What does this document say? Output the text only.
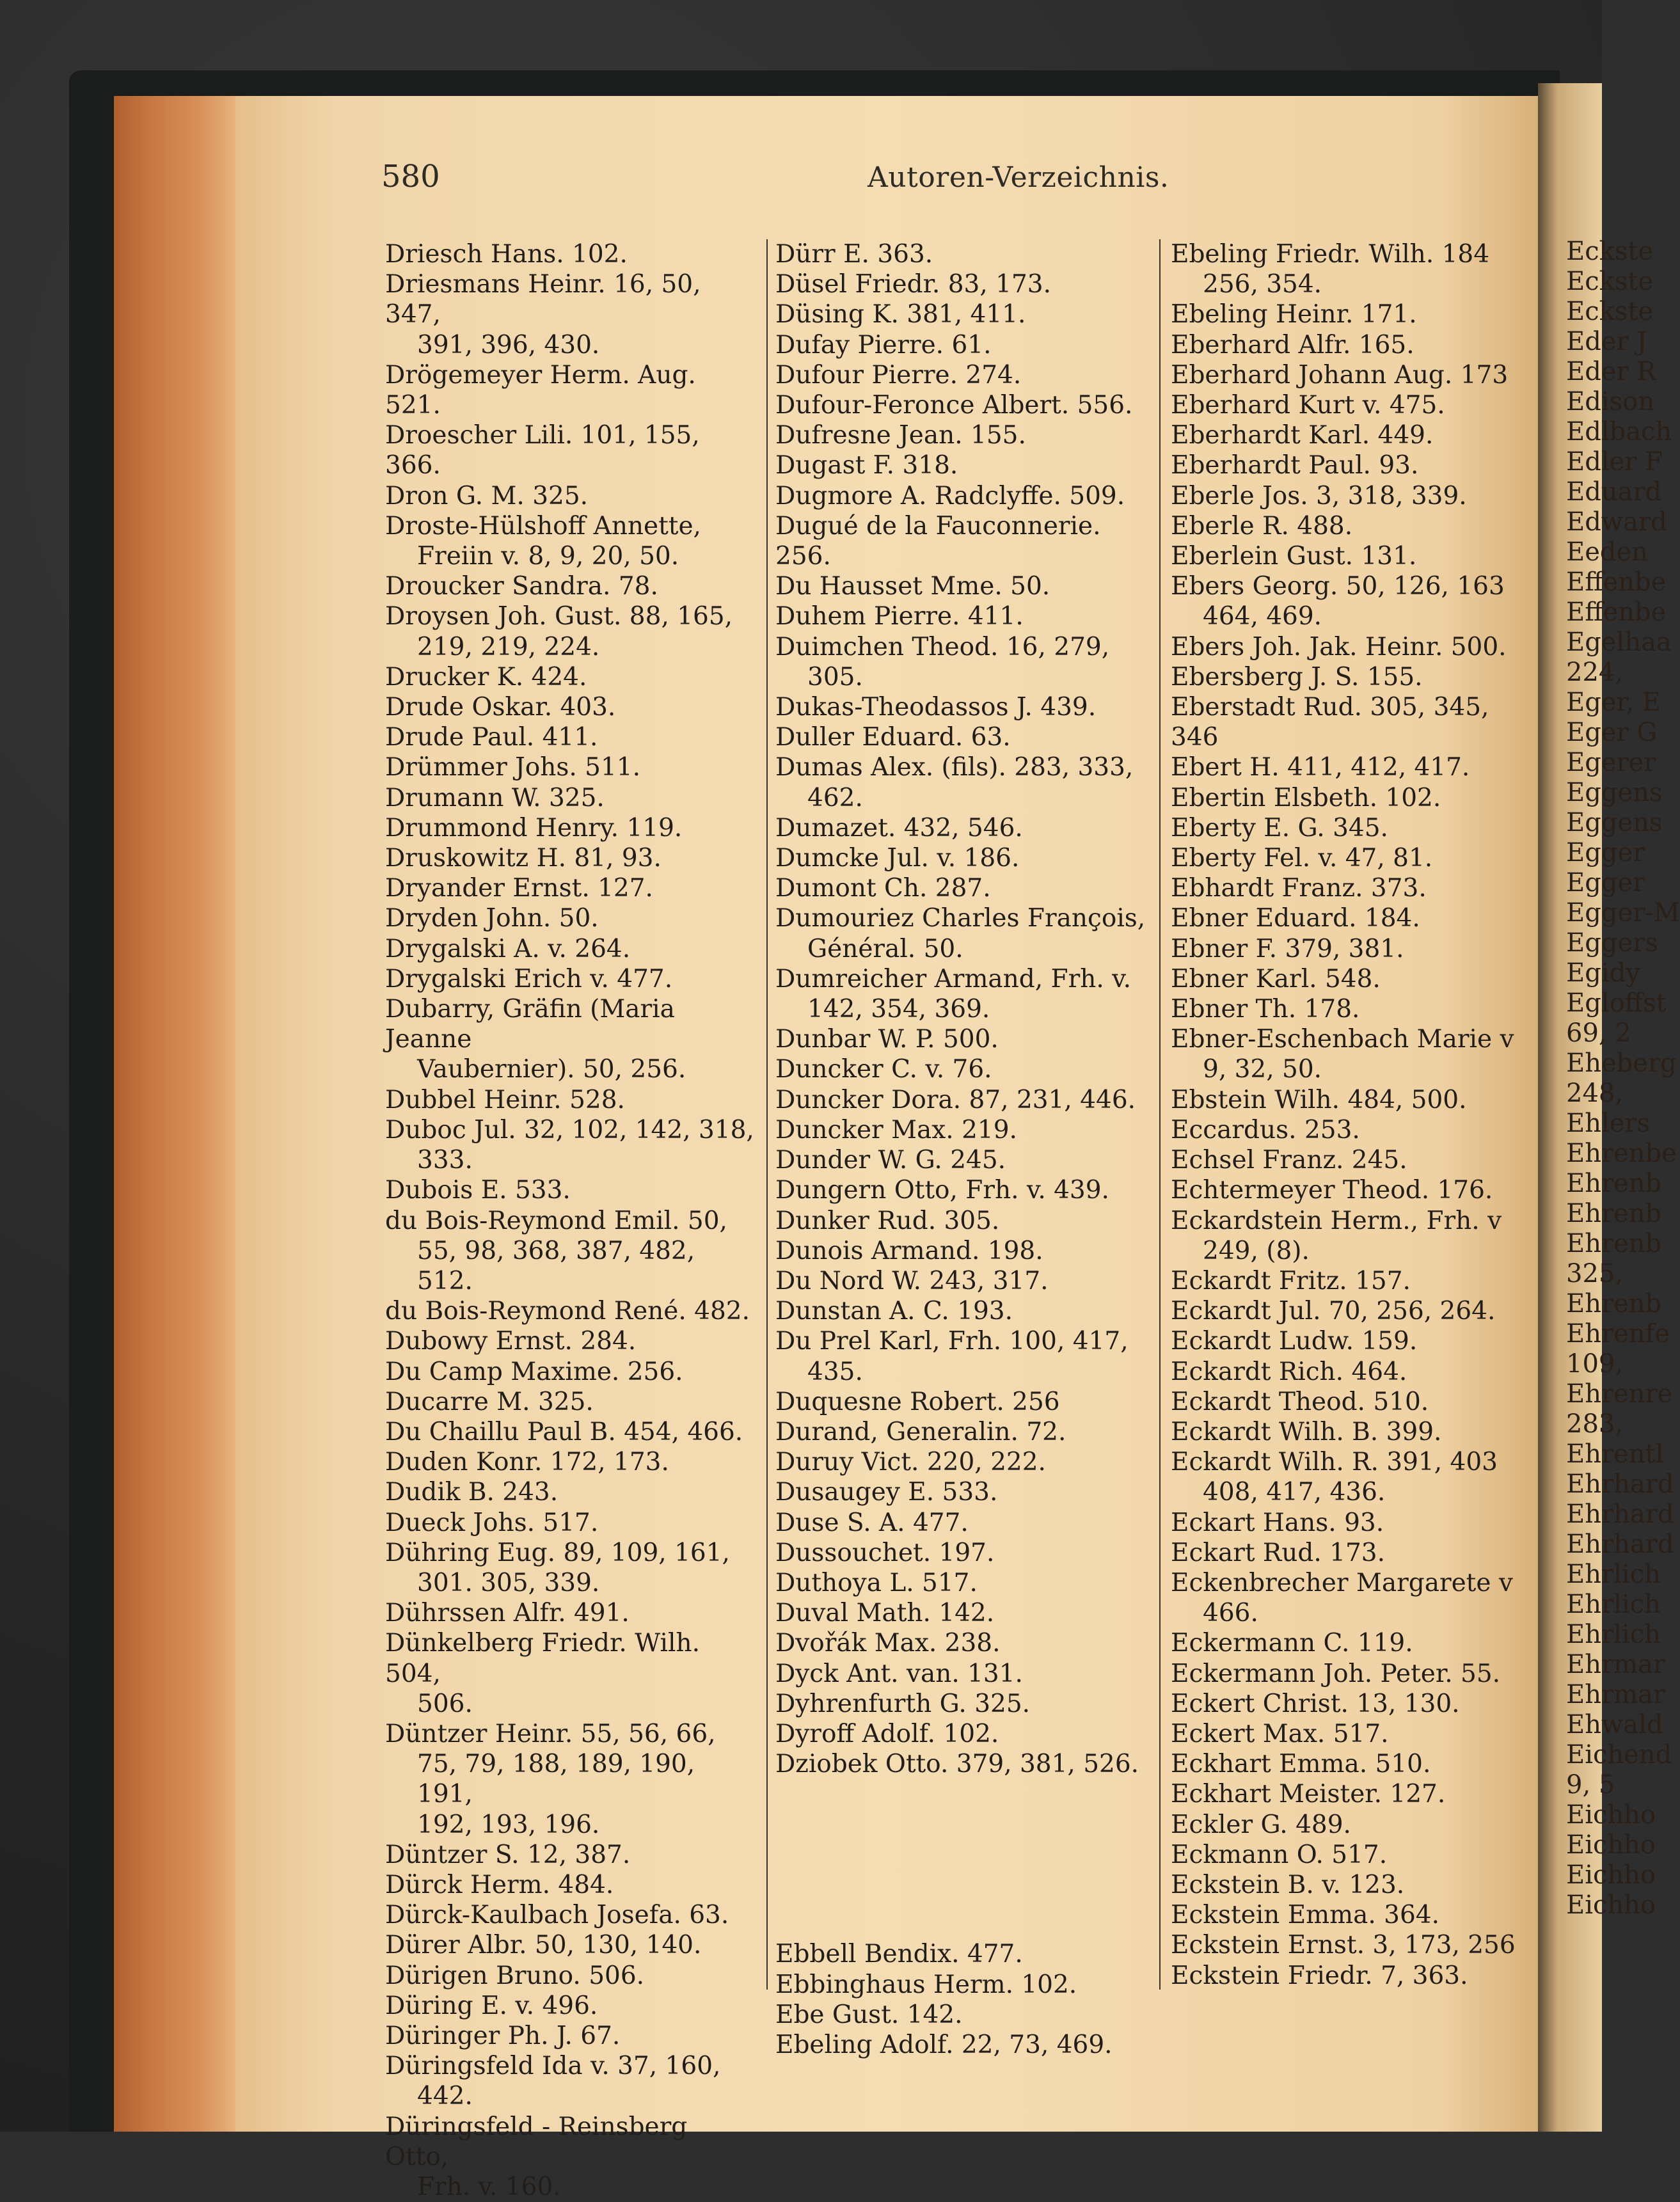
Eckste
Eckste
Eckste
Eder J
Eder R
Edison
Edlbach
Edler F
Eduard
Edward
Eeden
Effenbe
Effenbe
Egelhaa
224,
Eger, E
Eger G
Egerer
Eggens
Eggens
Egger
Egger
Egger-M
Eggers
Egidy
Egloffst
69, 2
Eheberg
248,
Ehlers
Ehrenbe
Ehrenb
Ehrenb
Ehrenb
325,
Ehrenb
Ehrenfe
109,
Ehrenre
283,
Ehrentl
Ehrhard
Ehrhard
Ehrhard
Ehrlich
Ehrlich
Ehrlich
Ehrmar
Ehrmar
Ehwald
Eichend
9, 5
Eichho
Eichho
Eichho
Eichho
580	Autoren-Verzeichnis.
Driesch Hans. 102.
Driesmans Heinr. 16, 50, 347,
391, 396, 430.
Drögemeyer Herm. Aug. 521.
Droescher Lili. 101, 155, 366.
Dron G. M. 325.
Droste-Hülshoff Annette,
Freiin v. 8, 9, 20, 50.
Droucker Sandra. 78.
Droysen Joh. Gust. 88, 165,
219, 219, 224.
Drucker K. 424.
Drude Oskar. 403.
Drude Paul. 411.
Drümmer Johs. 511.
Drumann W. 325.
Drummond Henry. 119.
Druskowitz H. 81, 93.
Dryander Ernst. 127.
Dryden John. 50.
Drygalski A. v. 264.
Drygalski Erich v. 477.
Dubarry, Gräfin (Maria Jeanne
Vaubernier). 50, 256.
Dubbel Heinr. 528.
Duboc Jul. 32, 102, 142, 318,
333.
Dubois E. 533.
du Bois-Reymond Emil. 50,
55, 98, 368, 387, 482, 512.
du Bois-Reymond René. 482.
Dubowy Ernst. 284.
Du Camp Maxime. 256.
Ducarre M. 325.
Du Chaillu Paul B. 454, 466.
Duden Konr. 172, 173.
Dudik B. 243.
Dueck Johs. 517.
Dühring Eug. 89, 109, 161,
301. 305, 339.
Dührssen Alfr. 491.
Dünkelberg Friedr. Wilh. 504,
506.
Düntzer Heinr. 55, 56, 66,
75, 79, 188, 189, 190, 191,
192, 193, 196.
Düntzer S. 12, 387.
Dürck Herm. 484.
Dürck-Kaulbach Josefa. 63.
Dürer Albr. 50, 130, 140.
Dürigen Bruno. 506.
Düring E. v. 496.
Düringer Ph. J. 67.
Düringsfeld Ida v. 37, 160,
442.
Düringsfeld - Reinsberg Otto,
Frh. v. 160.
Dürr E. 363.
Düsel Friedr. 83, 173.
Düsing K. 381, 411.
Dufay Pierre. 61.
Dufour Pierre. 274.
Dufour-Feronce Albert. 556.
Dufresne Jean. 155.
Dugast F. 318.
Dugmore A. Radclyffe. 509.
Dugué de la Fauconnerie. 256.
Du Hausset Mme. 50.
Duhem Pierre. 411.
Duimchen Theod. 16, 279,
305.
Dukas-Theodassos J. 439.
Duller Eduard. 63.
Dumas Alex. (fils). 283, 333,
462.
Dumazet. 432, 546.
Dumcke Jul. v. 186.
Dumont Ch. 287.
Dumouriez Charles François,
Général. 50.
Dumreicher Armand, Frh. v.
142, 354, 369.
Dunbar W. P. 500.
Duncker C. v. 76.
Duncker Dora. 87, 231, 446.
Duncker Max. 219.
Dunder W. G. 245.
Dungern Otto, Frh. v. 439.
Dunker Rud. 305.
Dunois Armand. 198.
Du Nord W. 243, 317.
Dunstan A. C. 193.
Du Prel Karl, Frh. 100, 417,
435.
Duquesne Robert. 256
Durand, Generalin. 72.
Duruy Vict. 220, 222.
Dusaugey E. 533.
Duse S. A. 477.
Dussouchet. 197.
Duthoya L. 517.
Duval Math. 142.
Dvořák Max. 238.
Dyck Ant. van. 131.
Dyhrenfurth G. 325.
Dyroff Adolf. 102.
Dziobek Otto. 379, 381, 526.
Ebbell Bendix. 477.
Ebbinghaus Herm. 102.
Ebe Gust. 142.
Ebeling Adolf. 22, 73, 469.
Ebeling Friedr. Wilh. 184
256, 354.
Ebeling Heinr. 171.
Eberhard Alfr. 165.
Eberhard Johann Aug. 173
Eberhard Kurt v. 475.
Eberhardt Karl. 449.
Eberhardt Paul. 93.
Eberle Jos. 3, 318, 339.
Eberle R. 488.
Eberlein Gust. 131.
Ebers Georg. 50, 126, 163
464, 469.
Ebers Joh. Jak. Heinr. 500.
Ebersberg J. S. 155.
Eberstadt Rud. 305, 345, 346
Ebert H. 411, 412, 417.
Ebertin Elsbeth. 102.
Eberty E. G. 345.
Eberty Fel. v. 47, 81.
Ebhardt Franz. 373.
Ebner Eduard. 184.
Ebner F. 379, 381.
Ebner Karl. 548.
Ebner Th. 178.
Ebner-Eschenbach Marie v
9, 32, 50.
Ebstein Wilh. 484, 500.
Eccardus. 253.
Echsel Franz. 245.
Echtermeyer Theod. 176.
Eckardstein Herm., Frh. v
249, (8).
Eckardt Fritz. 157.
Eckardt Jul. 70, 256, 264.
Eckardt Ludw. 159.
Eckardt Rich. 464.
Eckardt Theod. 510.
Eckardt Wilh. B. 399.
Eckardt Wilh. R. 391, 403
408, 417, 436.
Eckart Hans. 93.
Eckart Rud. 173.
Eckenbrecher Margarete v
466.
Eckermann C. 119.
Eckermann Joh. Peter. 55.
Eckert Christ. 13, 130.
Eckert Max. 517.
Eckhart Emma. 510.
Eckhart Meister. 127.
Eckler G. 489.
Eckmann O. 517.
Eckstein B. v. 123.
Eckstein Emma. 364.
Eckstein Ernst. 3, 173, 256
Eckstein Friedr. 7, 363.
